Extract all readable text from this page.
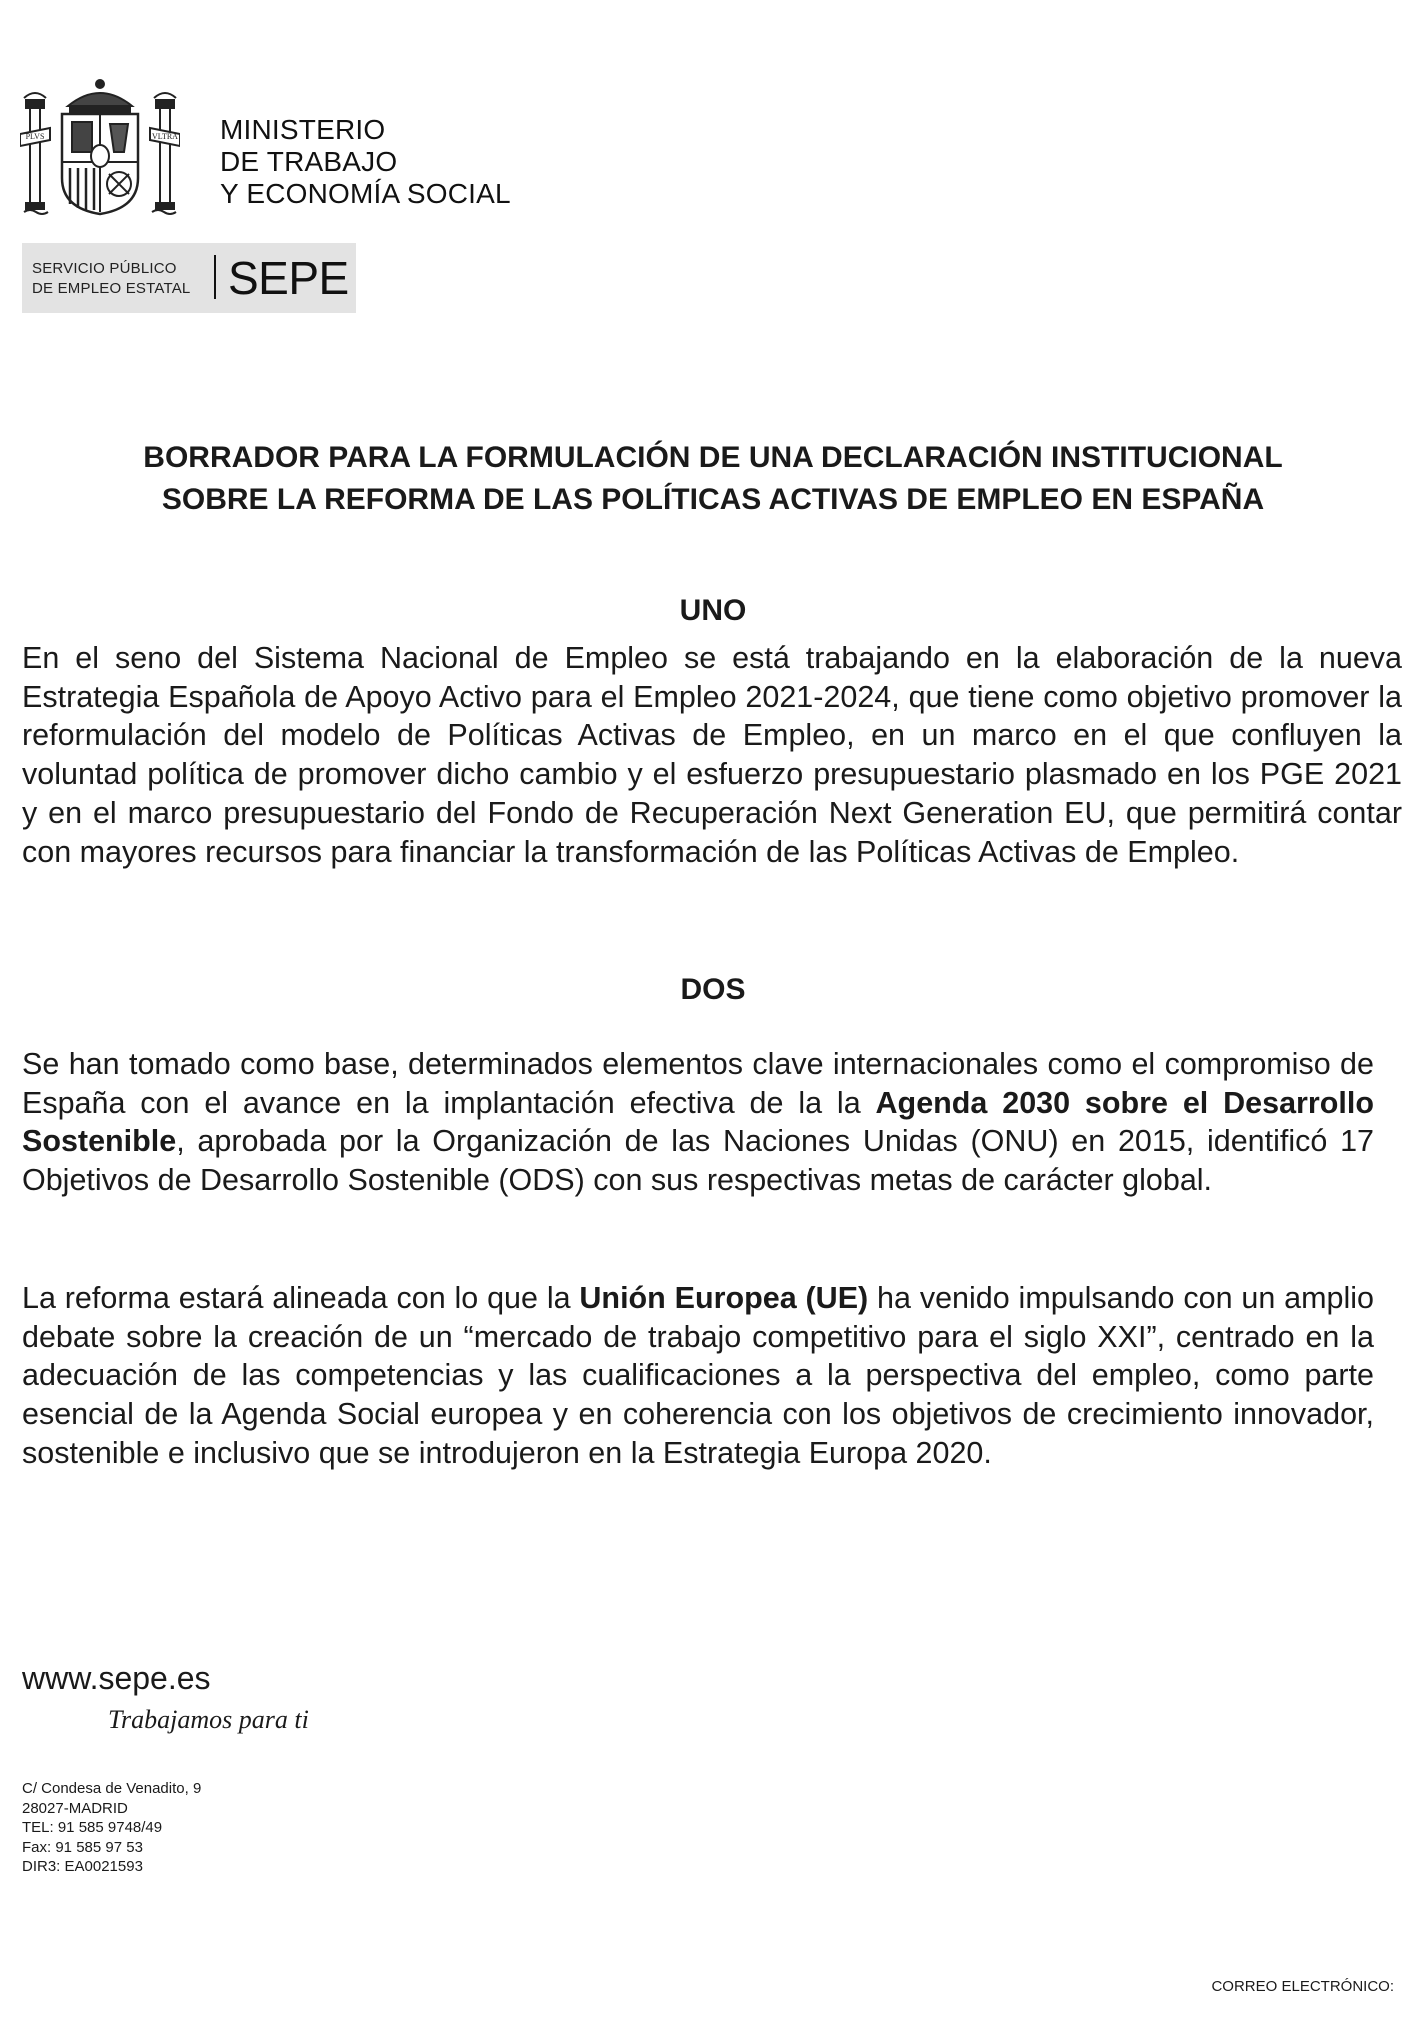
PLVS	VLTRA MINISTERIO
DE TRABAJO
Y ECONOMÍA SOCIAL
SERVICIO PÚBLICO
DE EMPLEO ESTATAL SEPE
BORRADOR PARA LA FORMULACIÓN DE UNA DECLARACIÓN INSTITUCIONAL
SOBRE LA REFORMA DE LAS POLÍTICAS ACTIVAS DE EMPLEO EN ESPAÑA
UNO
En el seno del Sistema Nacional de Empleo se está trabajando en la elaboración de la nueva Estrategia Española de Apoyo Activo para el Empleo 2021-2024, que tiene como objetivo promover la reformulación del modelo de Políticas Activas de Empleo, en un marco en el que confluyen la voluntad política de promover dicho cambio y el esfuerzo presupuestario plasmado en los PGE 2021 y en el marco presupuestario del Fondo de Recuperación Next Generation EU, que permitirá contar con mayores recursos para financiar la transformación de las Políticas Activas de Empleo.
DOS
Se han tomado como base, determinados elementos clave internacionales como el compromiso de España con el avance en la implantación efectiva de la la Agenda 2030 sobre el Desarrollo Sostenible, aprobada por la Organización de las Naciones Unidas (ONU) en 2015, identificó 17 Objetivos de Desarrollo Sostenible (ODS) con sus respectivas metas de carácter global.
La reforma estará alineada con lo que la Unión Europea (UE) ha venido impulsando con un amplio debate sobre la creación de un “mercado de trabajo competitivo para el siglo XXI”, centrado en la adecuación de las competencias y las cualificaciones a la perspectiva del empleo, como parte esencial de la Agenda Social europea y en coherencia con los objetivos de crecimiento innovador, sostenible e inclusivo que se introdujeron en la Estrategia Europa 2020.
www.sepe.es
Trabajamos para ti
C/ Condesa de Venadito, 9
28027-MADRID
TEL: 91 585 9748/49
Fax: 91 585 97 53
DIR3: EA0021593
CORREO ELECTRÓNICO:
